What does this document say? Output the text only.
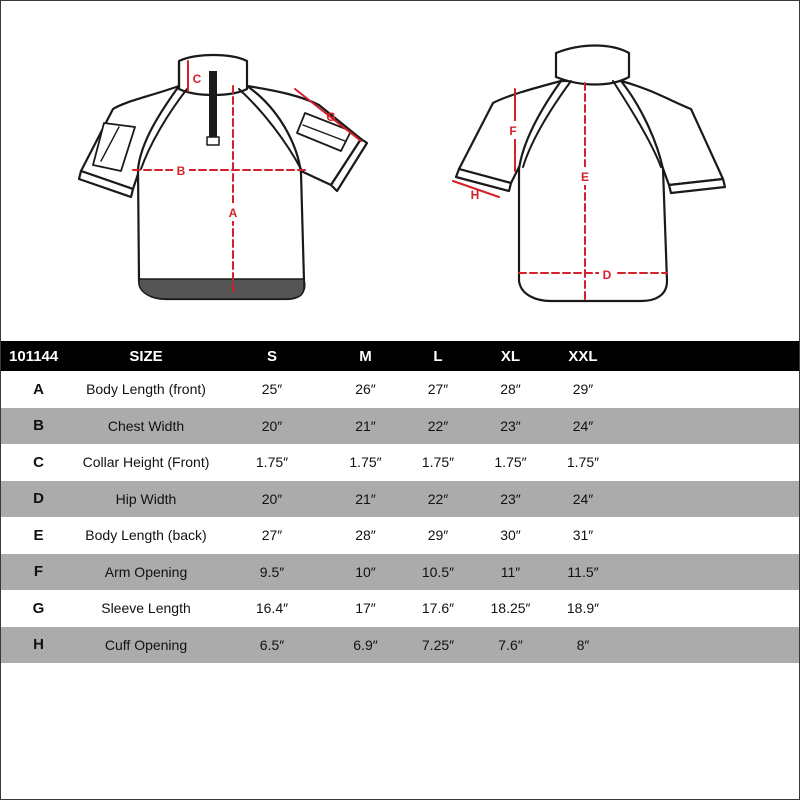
A
B
C
D
E
F
G
H
101144	SIZE	S	M	L	XL	XXL	
A	Body Length (front)	25″	26″	27″	28″	29″	
B	Chest Width	20″	21″	22″	23″	24″	
C	Collar Height (Front)	1.75″	1.75″	1.75″	1.75″	1.75″	
D	Hip Width	20″	21″	22″	23″	24″	
E	Body Length (back)	27″	28″	29″	30″	31″	
F	Arm Opening	9.5″	10″	10.5″	11″	11.5″	
G	Sleeve Length	16.4″	17″	17.6″	18.25″	18.9″	
H	Cuff Opening	6.5″	6.9″	7.25″	7.6″	8″	
